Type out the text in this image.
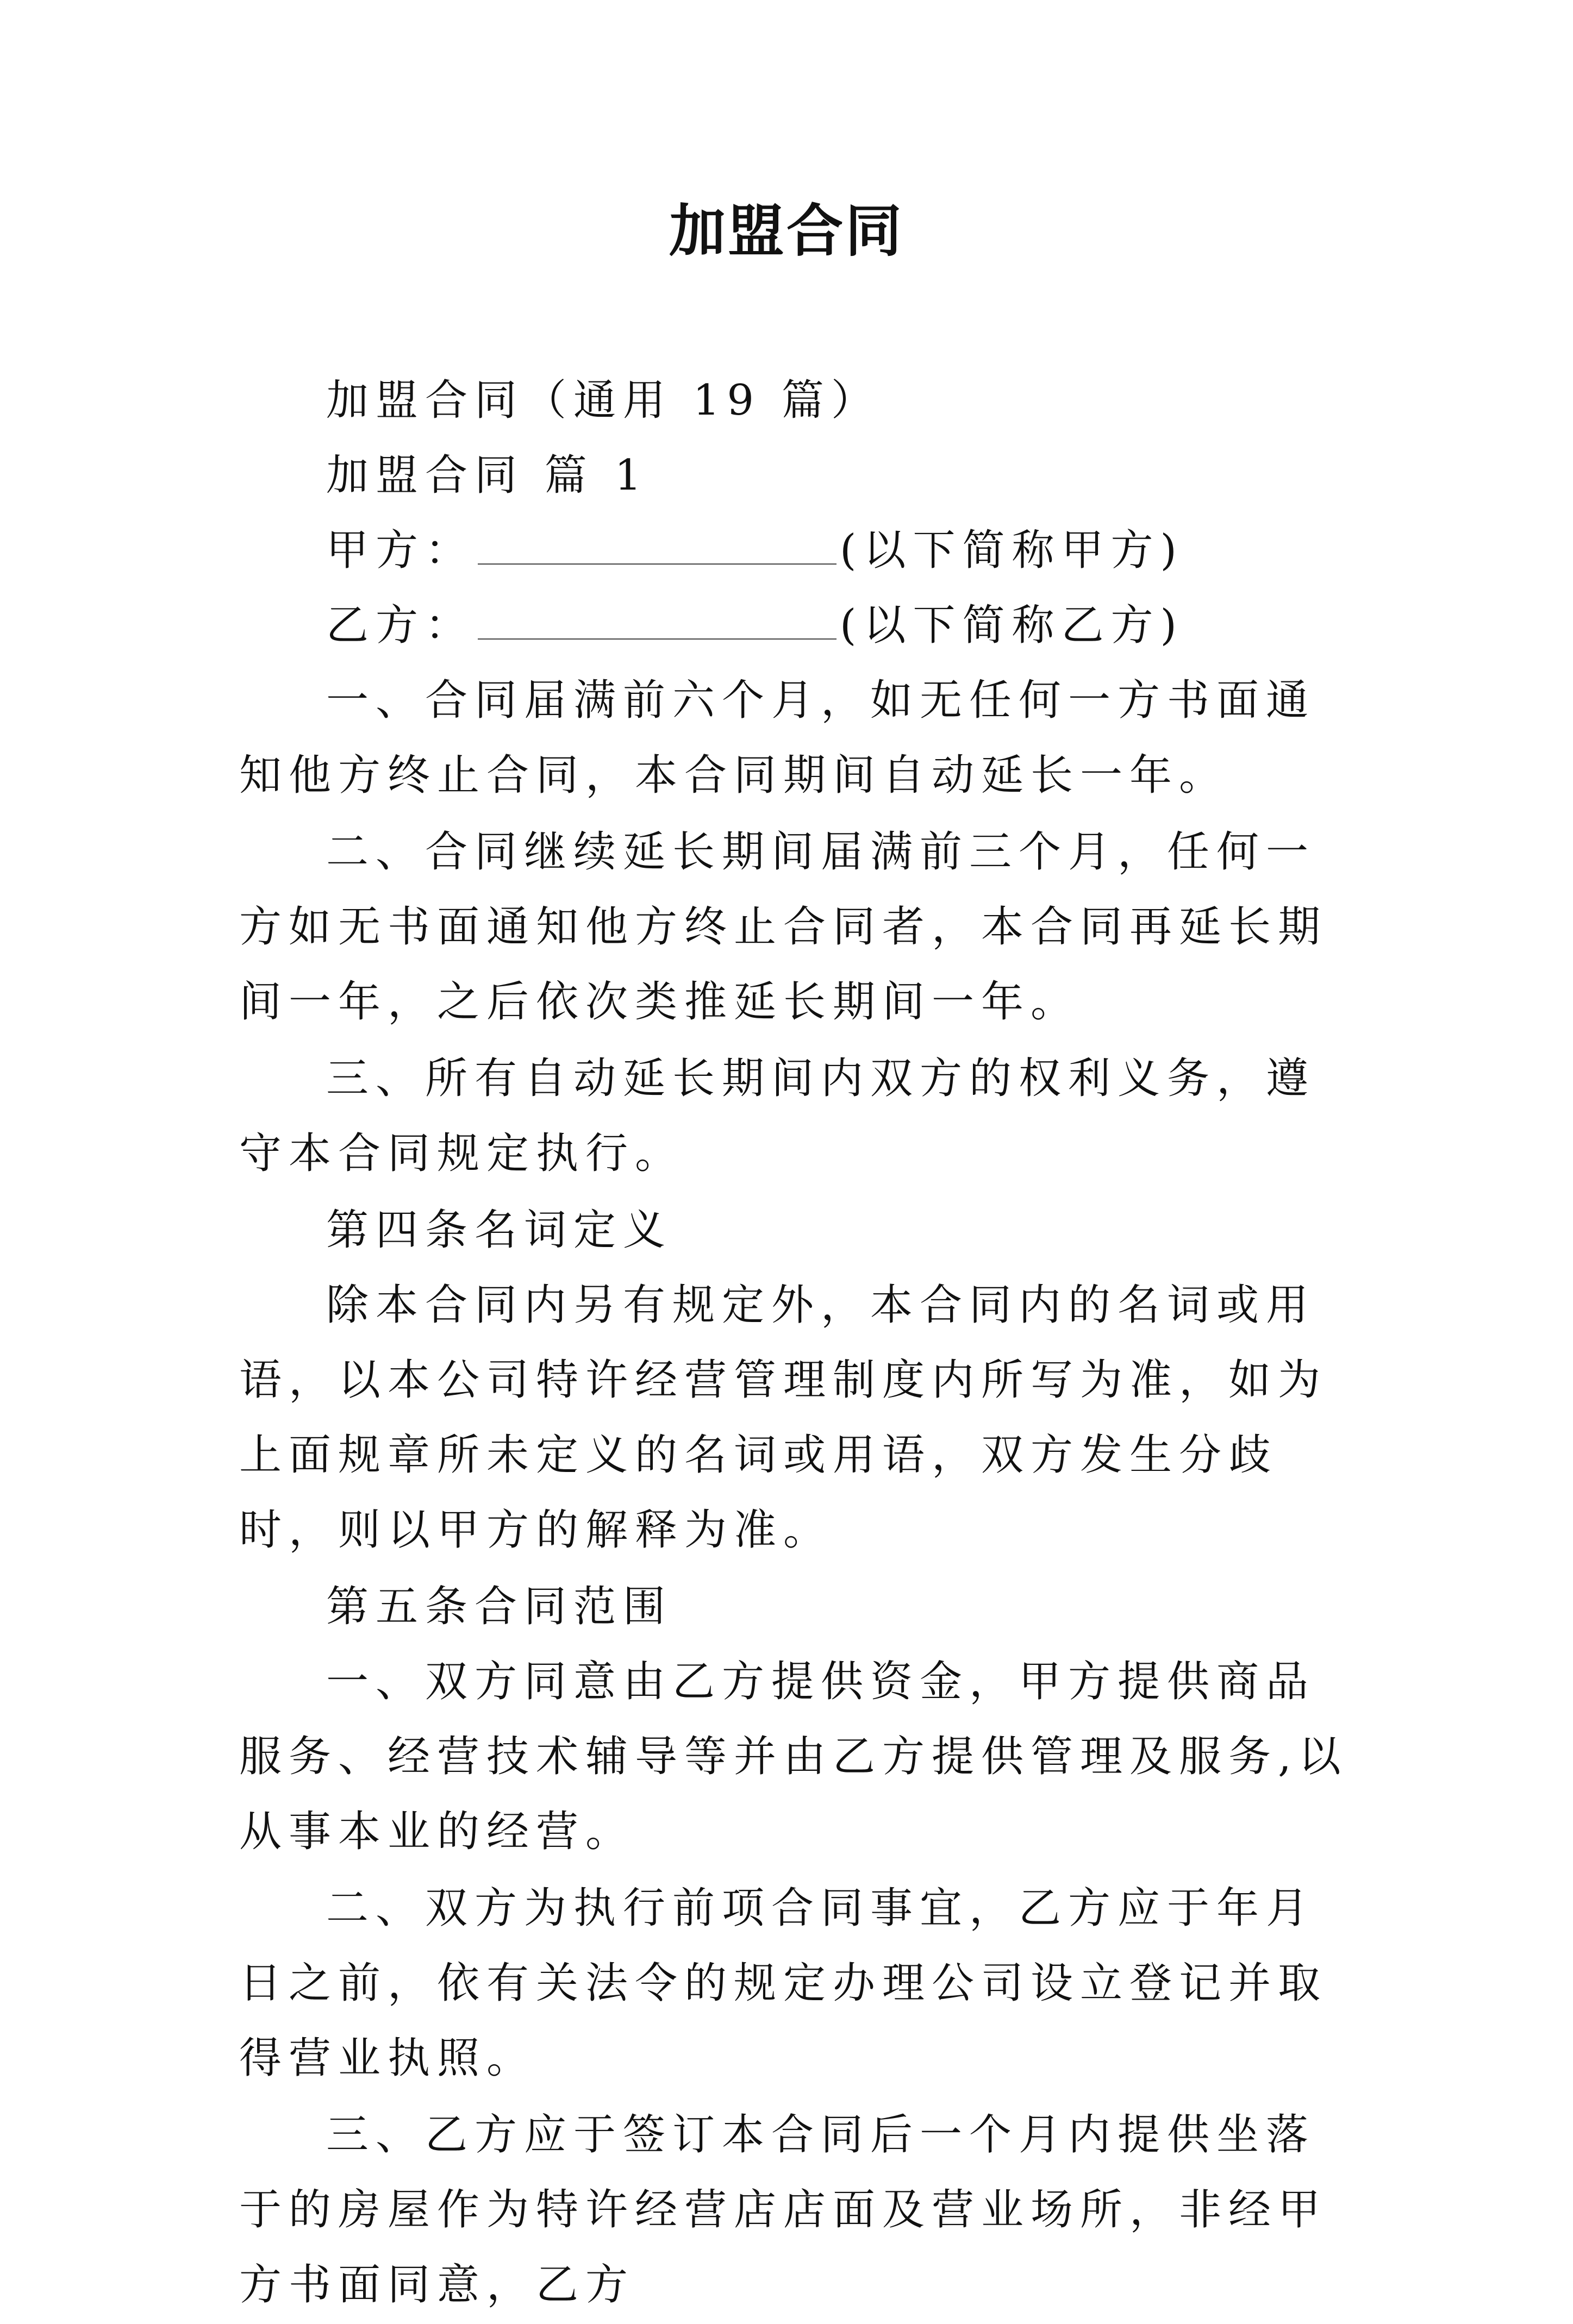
加盟合同

加盟合同（通用 19 篇）

加盟合同 篇 1

甲方：	(以下简称甲方)

乙方：	(以下简称乙方)

一、合同届满前六个月，如无任何一方书面通知他方终止合同，本合同期间自动延长一年。

二、合同继续延长期间届满前三个月，任何一方如无书面通知他方终止合同者，本合同再延长期间一年，之后依次类推延长期间一年。

三、所有自动延长期间内双方的权利义务，遵守本合同规定执行。

第四条名词定义

除本合同内另有规定外，本合同内的名词或用语，以本公司特许经营管理制度内所写为准，如为上面规章所未定义的名词或用语，双方发生分歧时，则以甲方的解释为准。

第五条合同范围

一、双方同意由乙方提供资金，甲方提供商品服务、经营技术辅导等并由乙方提供管理及服务,以从事本业的经营。

二、双方为执行前项合同事宜，乙方应于年月日之前，依有关法令的规定办理公司设立登记并取得营业执照。

三、乙方应于签订本合同后一个月内提供坐落于的房屋作为特许经营店店面及营业场所，非经甲方书面同意，乙方
